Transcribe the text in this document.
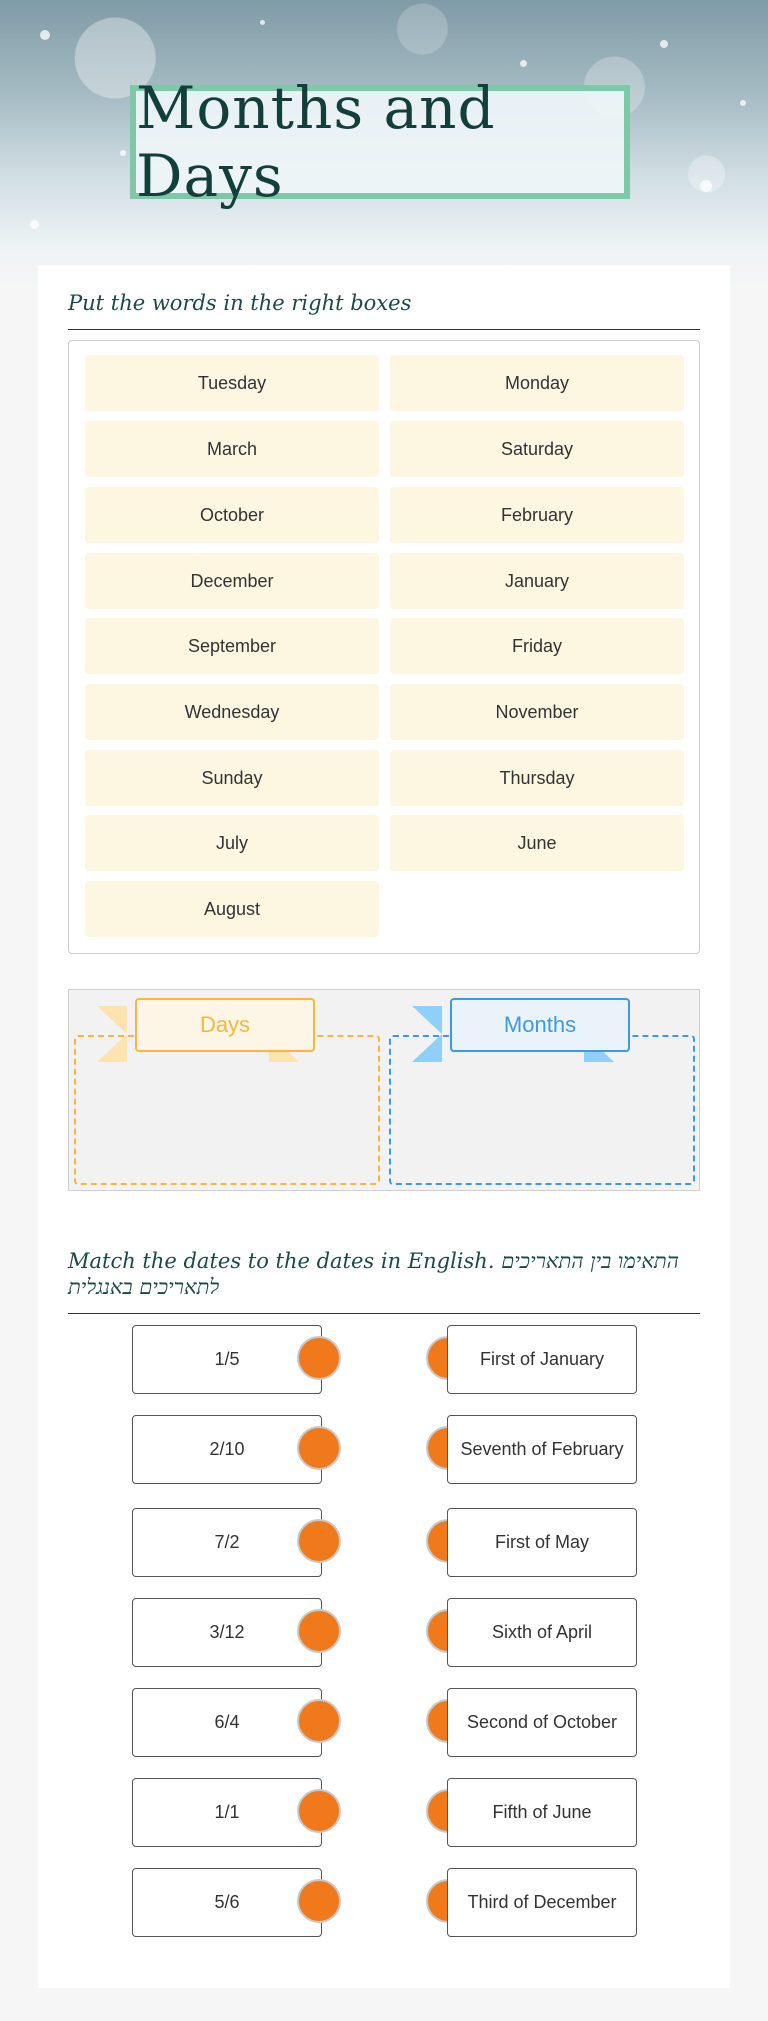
Months and Days
Put the words in the right boxes
Tuesday	Monday
March	Saturday
October	February
December	January
September	Friday
Wednesday	November
Sunday	Thursday
July	June
August
Days	Months
Match the dates to the dates in English. התאימו בין התאריכים
לתאריכים באנגלית
1/5	First of January
2/10	Seventh of February
7/2	First of May
3/12	Sixth of April
6/4	Second of October
1/1	Fifth of June
5/6	Third of December
